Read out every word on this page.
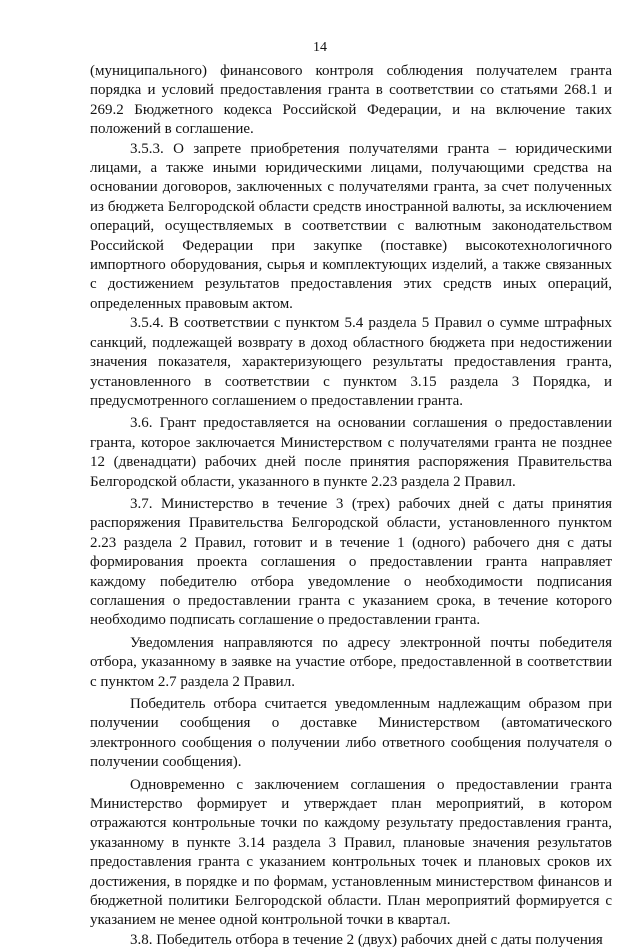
14

(муниципального) финансового контроля соблюдения получателем гранта порядка и условий предоставления гранта в соответствии со статьями 268.1 и 269.2 Бюджетного кодекса Российской Федерации, и на включение таких положений в соглашение.

3.5.3. О запрете приобретения получателями гранта – юридическими лицами, а также иными юридическими лицами, получающими средства на основании договоров, заключенных с получателями гранта, за счет полученных из бюджета Белгородской области средств иностранной валюты, за исключением операций, осуществляемых в соответствии с валютным законодательством Российской Федерации при закупке (поставке) высокотехнологичного импортного оборудования, сырья и комплектующих изделий, а также связанных с достижением результатов предоставления этих средств иных операций, определенных правовым актом.

3.5.4. В соответствии с пунктом 5.4 раздела 5 Правил о сумме штрафных санкций, подлежащей возврату в доход областного бюджета при недостижении значения показателя, характеризующего результаты предоставления гранта, установленного в соответствии с пунктом 3.15 раздела 3 Порядка, и предусмотренного соглашением о предоставлении гранта.

3.6. Грант предоставляется на основании соглашения о предоставлении гранта, которое заключается Министерством с получателями гранта не позднее 12 (двенадцати) рабочих дней после принятия распоряжения Правительства Белгородской области, указанного в пункте 2.23 раздела 2 Правил.

3.7. Министерство в течение 3 (трех) рабочих дней с даты принятия распоряжения Правительства Белгородской области, установленного пунктом 2.23 раздела 2 Правил, готовит и в течение 1 (одного) рабочего дня с даты формирования проекта соглашения о предоставлении гранта направляет каждому победителю отбора уведомление о необходимости подписания соглашения о предоставлении гранта с указанием срока, в течение которого необходимо подписать соглашение о предоставлении гранта.

Уведомления направляются по адресу электронной почты победителя отбора, указанному в заявке на участие отборе, предоставленной в соответствии с пунктом 2.7 раздела 2 Правил.

Победитель отбора считается уведомленным надлежащим образом при получении сообщения о доставке Министерством (автоматического электронного сообщения о получении либо ответного сообщения получателя о получении сообщения).

Одновременно с заключением соглашения о предоставлении гранта Министерство формирует и утверждает план мероприятий, в котором отражаются контрольные точки по каждому результату предоставления гранта, указанному в пункте 3.14 раздела 3 Правил, плановые значения результатов предоставления гранта с указанием контрольных точек и плановых сроков их достижения, в порядке и по формам, установленным министерством финансов и бюджетной политики Белгородской области. План мероприятий формируется с указанием не менее одной контрольной точки в квартал.

3.8. Победитель отбора в течение 2 (двух) рабочих дней с даты получения
